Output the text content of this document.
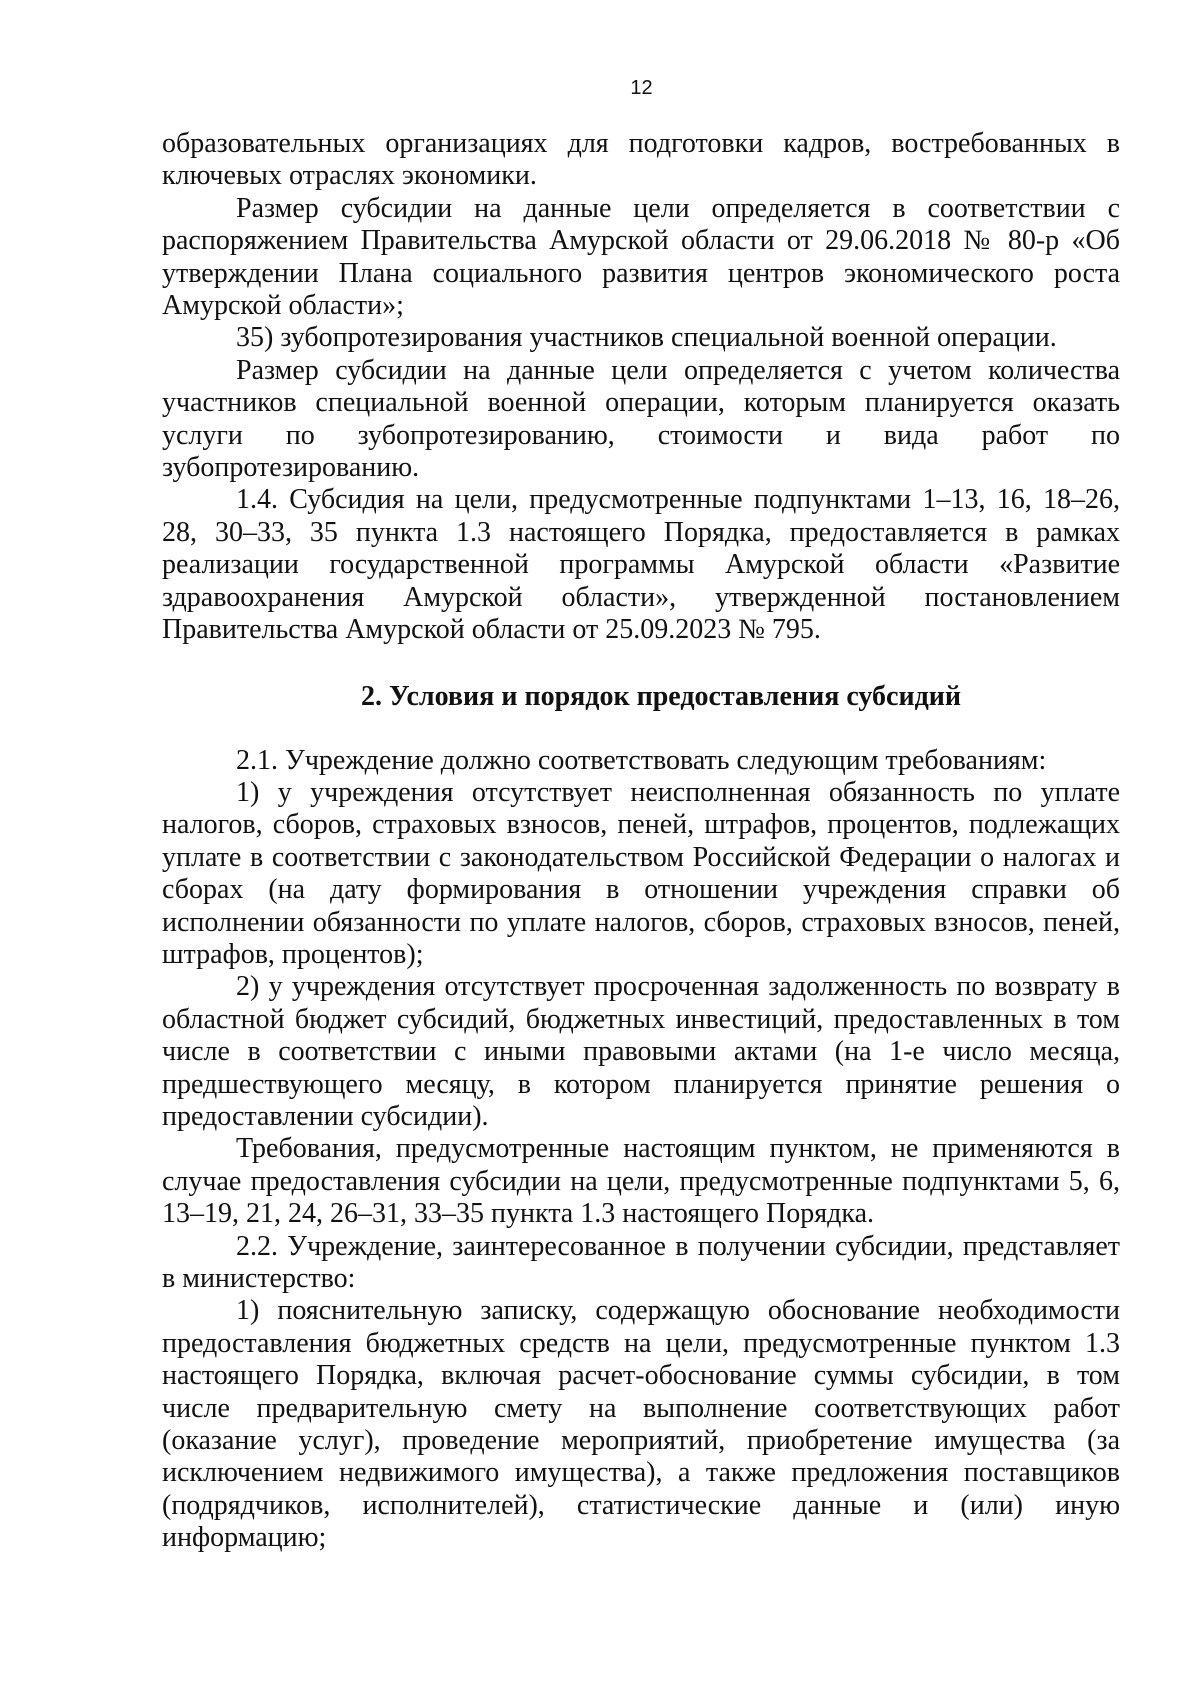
12

образовательных организациях для подготовки кадров, востребованных в ключевых отраслях экономики.

Размер субсидии на данные цели определяется в соответствии с распоряжением Правительства Амурской области от 29.06.2018 № 80-р «Об утверждении Плана социального развития центров экономического роста Амурской области»;

35) зубопротезирования участников специальной военной операции.

Размер субсидии на данные цели определяется с учетом количества участников специальной военной операции, которым планируется оказать услуги по зубопротезированию, стоимости и вида работ по зубопротезированию.

1.4. Субсидия на цели, предусмотренные подпунктами 1–13, 16, 18–26, 28, 30–33, 35 пункта 1.3 настоящего Порядка, предоставляется в рамках реализации государственной программы Амурской области «Развитие здравоохранения Амурской области», утвержденной постановлением Правительства Амурской области от 25.09.2023 № 795.

2. Условия и порядок предоставления субсидий

2.1. Учреждение должно соответствовать следующим требованиям:

1) у учреждения отсутствует неисполненная обязанность по уплате налогов, сборов, страховых взносов, пеней, штрафов, процентов, подлежащих уплате в соответствии с законодательством Российской Федерации о налогах и сборах (на дату формирования в отношении учреждения справки об исполнении обязанности по уплате налогов, сборов, страховых взносов, пеней, штрафов, процентов);

2) у учреждения отсутствует просроченная задолженность по возврату в областной бюджет субсидий, бюджетных инвестиций, предоставленных в том числе в соответствии с иными правовыми актами (на 1-е число месяца, предшествующего месяцу, в котором планируется принятие решения о предоставлении субсидии).

Требования, предусмотренные настоящим пунктом, не применяются в случае предоставления субсидии на цели, предусмотренные подпунктами 5, 6, 13–19, 21, 24, 26–31, 33–35 пункта 1.3 настоящего Порядка.

2.2. Учреждение, заинтересованное в получении субсидии, представляет в министерство:

1) пояснительную записку, содержащую обоснование необходимости предоставления бюджетных средств на цели, предусмотренные пунктом 1.3 настоящего Порядка, включая расчет-обоснование суммы субсидии, в том числе предварительную смету на выполнение соответствующих работ (оказание услуг), проведение мероприятий, приобретение имущества (за исключением недвижимого имущества), а также предложения поставщиков (подрядчиков, исполнителей), статистические данные и (или) иную информацию;
